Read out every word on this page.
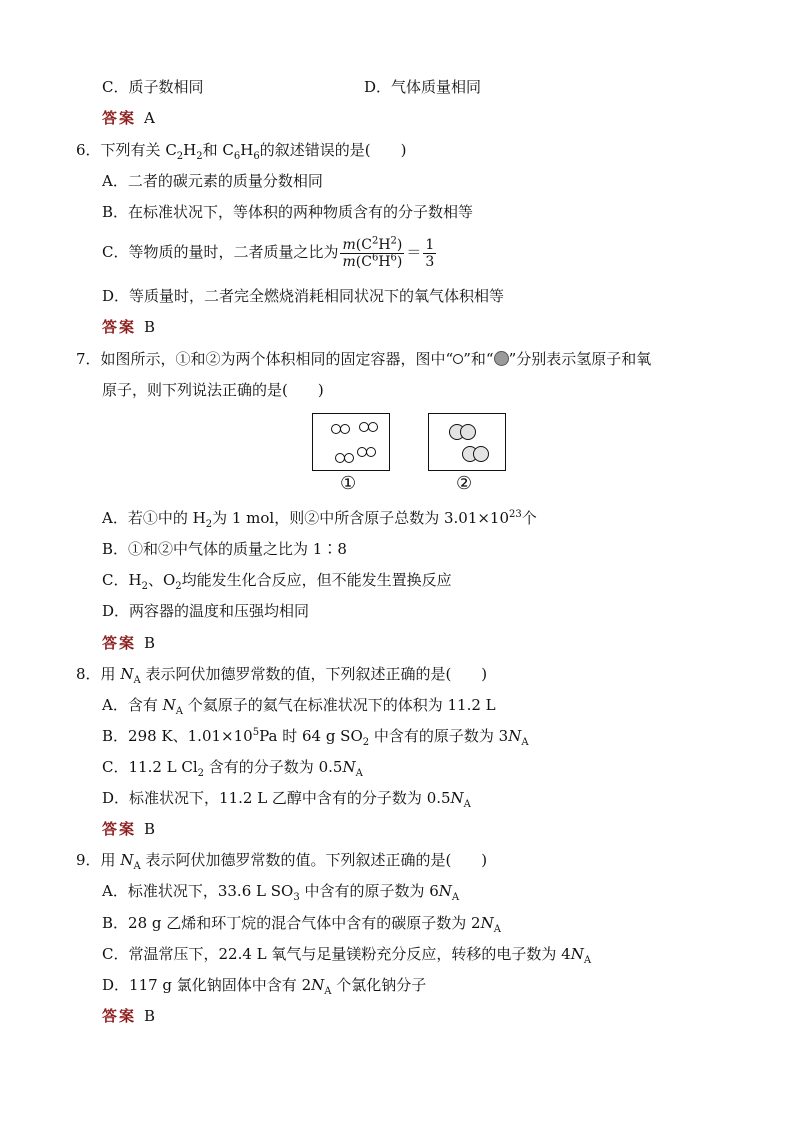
C．质子数相同	D．气体质量相同
答案 A
6．下列有关 $C_2H_2$和 $C_6H_6$的叙述错误的是(　　)
A．二者的碳元素的质量分数相同
B．在标准状况下，等体积的两种物质含有的分子数相等
C．等物质的量时，二者质量之比为 $\frac{m(C^2H^2)}{m(C^6H^6)} = \frac{1}{3}$
D．等质量时，二者完全燃烧消耗相同状况下的氧气体积相等
答案 B
7．如图所示，①和②为两个体积相同的固定容器，图中“ ”和“ ”分别表示氢原子和氧
原子，则下列说法正确的是(　　)
①	②
A．若①中的 $H_2$为 1 mol，则②中所含原子总数为 $3.01\times 10^{23}$个
B．①和②中气体的质量之比为 1∶8
C．$H_2$、$O_2$均能发生化合反应，但不能发生置换反应
D．两容器的温度和压强均相同
答案 B
8．用 $N_A$ 表示阿伏加德罗常数的值，下列叙述正确的是(　　)
A．含有 $N_A$ 个氦原子的氦气在标准状况下的体积为 11.2 L
B．298 K、$1.01\times 10^5Pa$ 时 64 g $SO_2$ 中含有的原子数为 $3N_A$
C．11.2 L $Cl_2$ 含有的分子数为 $0.5N_A$
D．标准状况下，11.2 L 乙醇中含有的分子数为 $0.5N_A$
答案 B
9．用 $N_A$ 表示阿伏加德罗常数的值。下列叙述正确的是(　　)
A．标准状况下，33.6 L $SO_3$ 中含有的原子数为 $6N_A$
B．28 g 乙烯和环丁烷的混合气体中含有的碳原子数为 $2N_A$
C．常温常压下，22.4 L 氧气与足量镁粉充分反应，转移的电子数为 $4N_A$
D．117 g 氯化钠固体中含有 $2N_A$ 个氯化钠分子
答案 B
